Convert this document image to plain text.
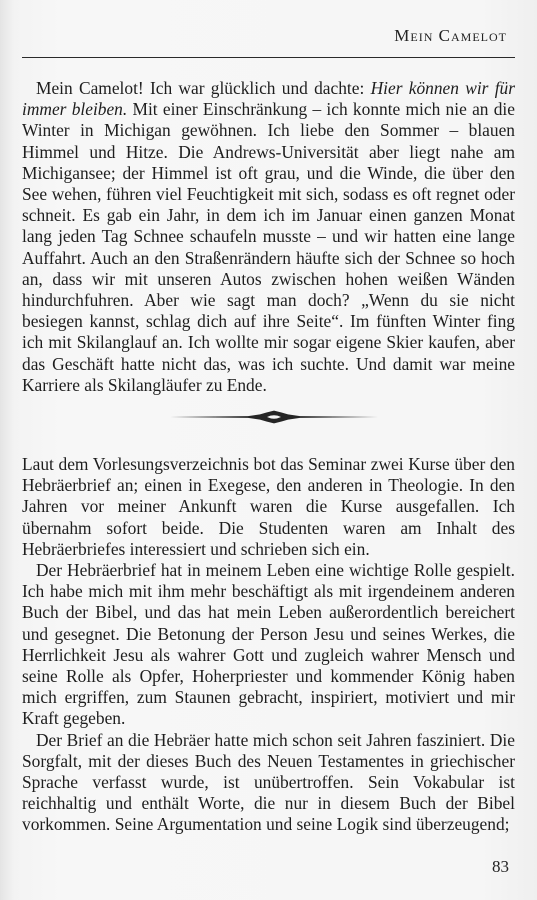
Mein Camelot

Mein Camelot! Ich war glücklich und dachte: Hier können wir für immer bleiben. Mit einer Einschränkung – ich konnte mich nie an die Winter in Michigan gewöhnen. Ich liebe den Sommer – blauen Himmel und Hitze. Die Andrews-Universität aber liegt nahe am Michigansee; der Himmel ist oft grau, und die Winde, die über den See wehen, führen viel Feuchtigkeit mit sich, sodass es oft regnet oder schneit. Es gab ein Jahr, in dem ich im Januar einen ganzen Monat lang jeden Tag Schnee schaufeln musste – und wir hatten eine lange Auffahrt. Auch an den Straßenrändern häufte sich der Schnee so hoch an, dass wir mit unseren Autos zwischen hohen weißen Wänden hindurchfuhren. Aber wie sagt man doch? „Wenn du sie nicht besiegen kannst, schlag dich auf ihre Seite“. Im fünften Winter fing ich mit Skilanglauf an. Ich wollte mir sogar eigene Skier kaufen, aber das Geschäft hatte nicht das, was ich suchte. Und damit war meine Karriere als Skilangläufer zu Ende.

Laut dem Vorlesungsverzeichnis bot das Seminar zwei Kurse über den Hebräerbrief an; einen in Exegese, den anderen in Theologie. In den Jahren vor meiner Ankunft waren die Kurse ausgefallen. Ich übernahm sofort beide. Die Studenten waren am Inhalt des Hebräerbriefes interessiert und schrieben sich ein.

Der Hebräerbrief hat in meinem Leben eine wichtige Rolle gespielt. Ich habe mich mit ihm mehr beschäftigt als mit irgendeinem anderen Buch der Bibel, und das hat mein Leben außerordentlich bereichert und gesegnet. Die Betonung der Person Jesu und seines Werkes, die Herrlichkeit Jesu als wahrer Gott und zugleich wahrer Mensch und seine Rolle als Opfer, Hoherpriester und kommender König haben mich ergriffen, zum Staunen gebracht, inspiriert, motiviert und mir Kraft gegeben.

Der Brief an die Hebräer hatte mich schon seit Jahren fasziniert. Die Sorgfalt, mit der dieses Buch des Neuen Testamentes in griechischer Sprache verfasst wurde, ist unübertroffen. Sein Vokabular ist reichhaltig und enthält Worte, die nur in diesem Buch der Bibel vorkommen. Seine Argumentation und seine Logik sind überzeugend;

83
